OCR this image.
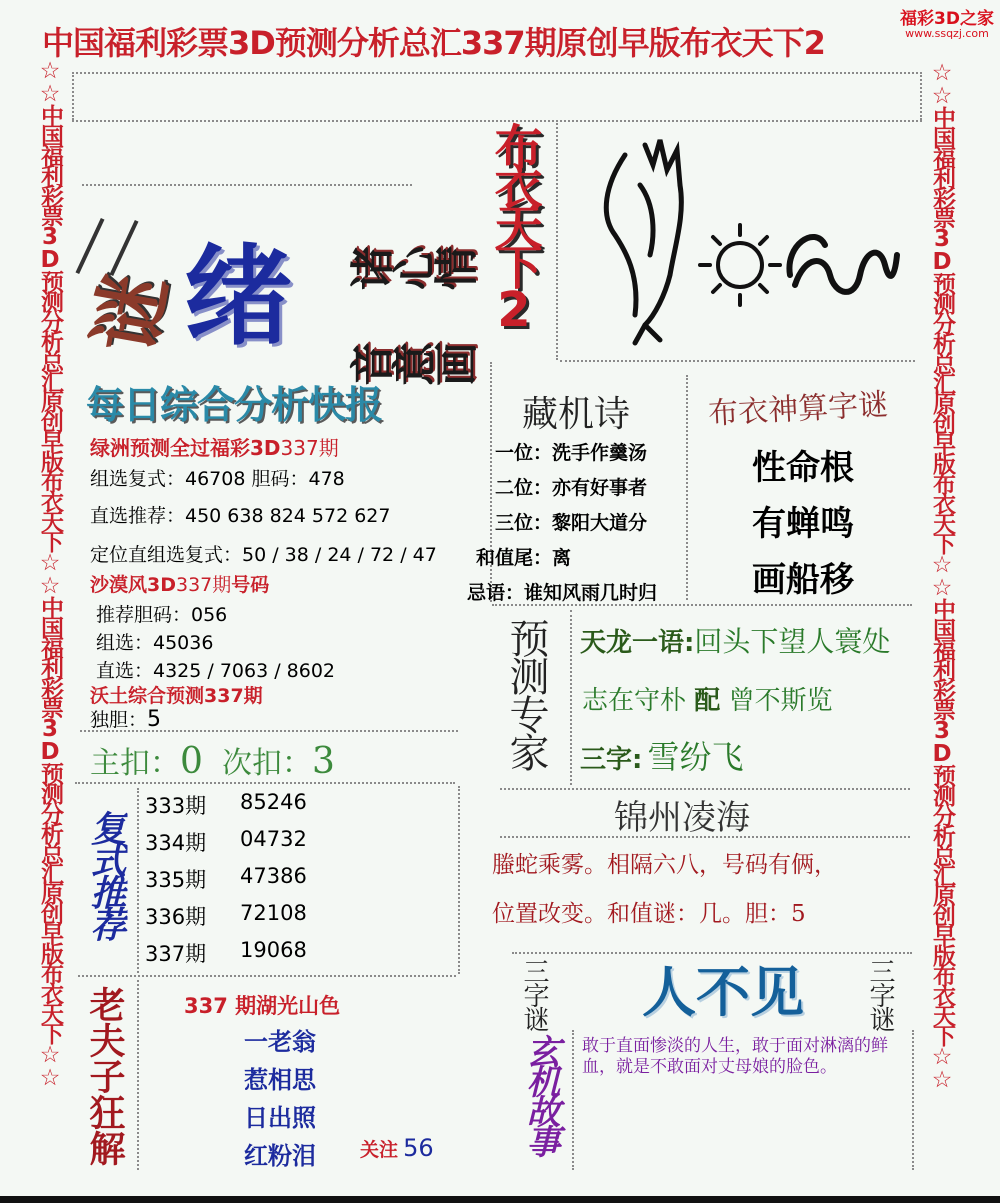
中国福利彩票3D预测分析总汇337期原创早版布衣天下2
福彩3D之家
www.ssqzj.com
☆☆中国福利彩票3D预测分析总汇原创早版布衣天下☆☆中国福利彩票3D预测分析总汇原创早版布衣天下☆☆	☆☆中国福利彩票3D预测分析总汇原创早版布衣天下☆☆中国福利彩票3D预测分析总汇原创早版布衣天下☆☆
谜 绪 诸心情
音意画
布衣天下2
每日综合分析快报
绿洲预测全过福彩3D337期
组选复式：46708 胆码：478
直选推荐：450 638 824 572 627
定位直组选复式：50 / 38 / 24 / 72 / 47
沙漠风3D337期号码
推荐胆码：056
组选：45036
直选：4325 / 7063 / 8602
沃土综合预测337期
独胆：5
主扣：0 次扣：3
复式推荐
333期	85246
334期	04732
335期	47386
336期	72108
337期	19068
老夫子狂解	337 期湖光山色
一老翁
惹相思
日出照
红粉泪 关注 56
藏机诗
一位： 洗手作羹汤
二位： 亦有好事者
三位： 黎阳大道分
和值尾： 离
忌语： 谁知风雨几时归
布衣神算字谜
性命根
有蝉鸣
画船移
预测专家 天龙一语:回头下望人寰处
志在守朴 配 曾不斯览
三字: 雪纷飞
锦州凌海
螣蛇乘雾。相隔六八，号码有俩，
位置改变。和值谜：几。胆：5
三字谜 人不见 三字谜
玄机故事 敢于直面惨淡的人生，敢于面对淋漓的鲜血，就是不敢面对丈母娘的脸色。
